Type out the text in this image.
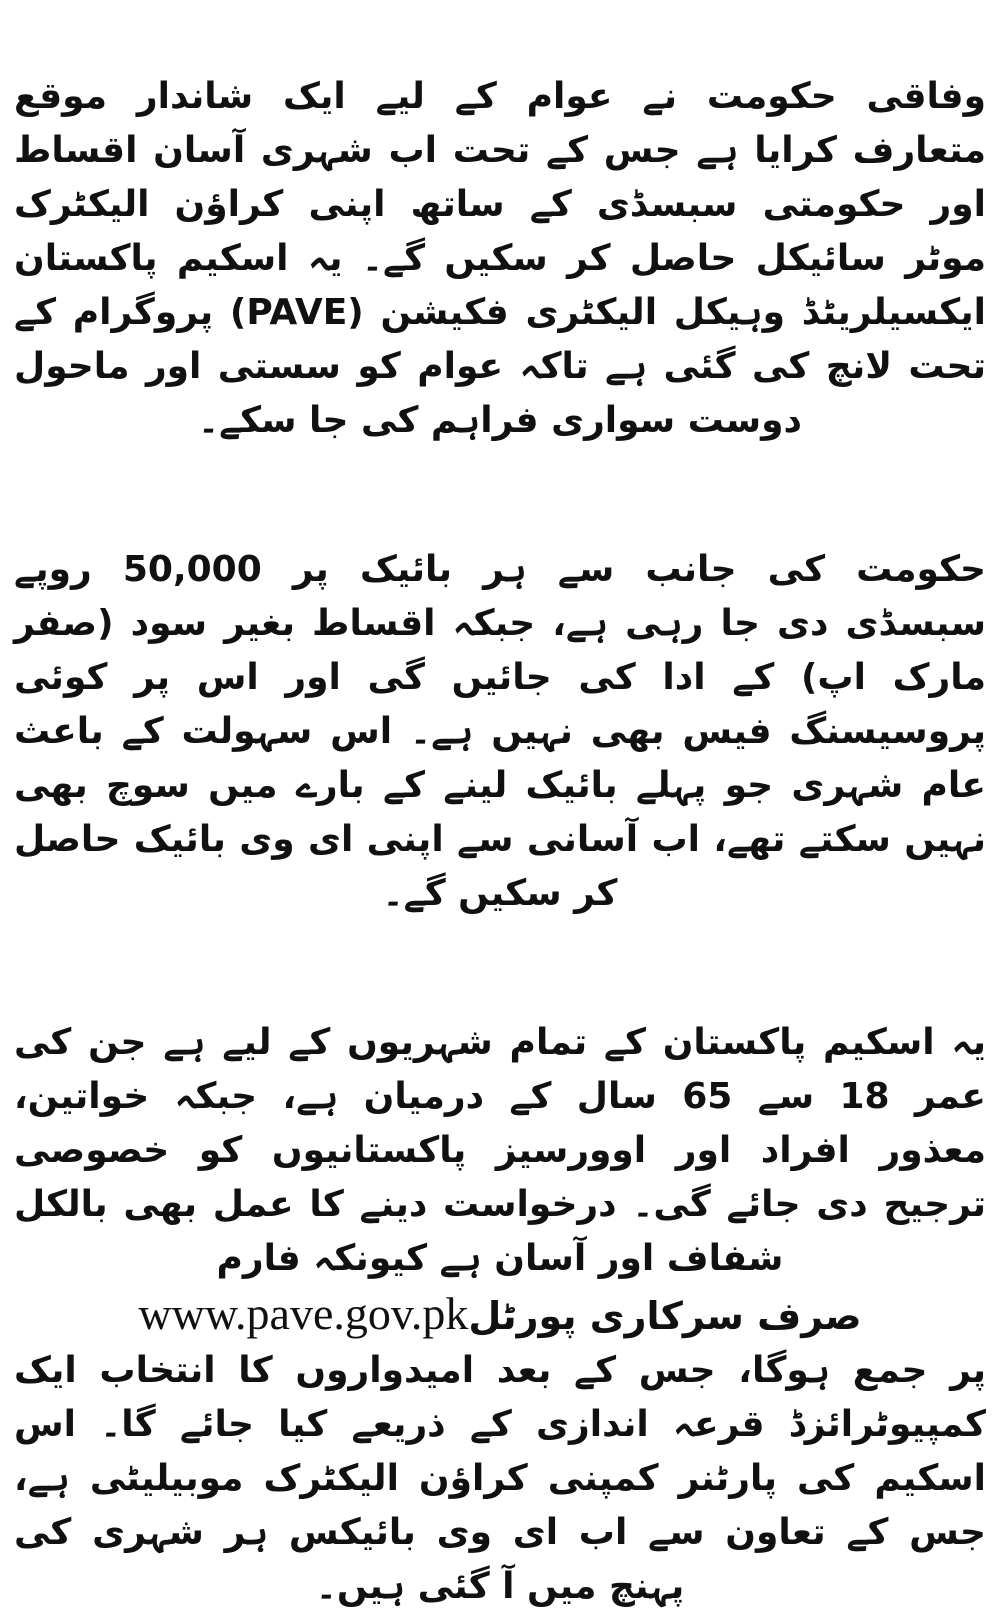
وفاقی حکومت نے عوام کے لیے ایک شاندار موقع متعارف کرایا ہے جس کے تحت اب شہری آسان اقساط اور حکومتی سبسڈی کے ساتھ اپنی کراؤن الیکٹرک موٹر سائیکل حاصل کر سکیں گے۔ یہ اسکیم پاکستان ایکسیلریٹڈ وہیکل الیکٹری فکیشن (PAVE) پروگرام کے تحت لانچ کی گئی ہے تاکہ عوام کو سستی اور ماحول دوست سواری فراہم کی جا سکے۔

حکومت کی جانب سے ہر بائیک پر 50,000 روپے سبسڈی دی جا رہی ہے، جبکہ اقساط بغیر سود (صفر مارک اپ) کے ادا کی جائیں گی اور اس پر کوئی پروسیسنگ فیس بھی نہیں ہے۔ اس سہولت کے باعث عام شہری جو پہلے بائیک لینے کے بارے میں سوچ بھی نہیں سکتے تھے، اب آسانی سے اپنی ای وی بائیک حاصل کر سکیں گے۔

یہ اسکیم پاکستان کے تمام شہریوں کے لیے ہے جن کی عمر 18 سے 65 سال کے درمیان ہے، جبکہ خواتین، معذور افراد اور اوورسیز پاکستانیوں کو خصوصی ترجیح دی جائے گی۔ درخواست دینے کا عمل بھی بالکل شفاف اور آسان ہے کیونکہ فارم

صرف سرکاری پورٹلwww.pave.gov.pk

پر جمع ہوگا، جس کے بعد امیدواروں کا انتخاب ایک کمپیوٹرائزڈ قرعہ اندازی کے ذریعے کیا جائے گا۔ اس اسکیم کی پارٹنر کمپنی کراؤن الیکٹرک موبیلیٹی ہے، جس کے تعاون سے اب ای وی بائیکس ہر شہری کی پہنچ میں آ گئی ہیں۔
